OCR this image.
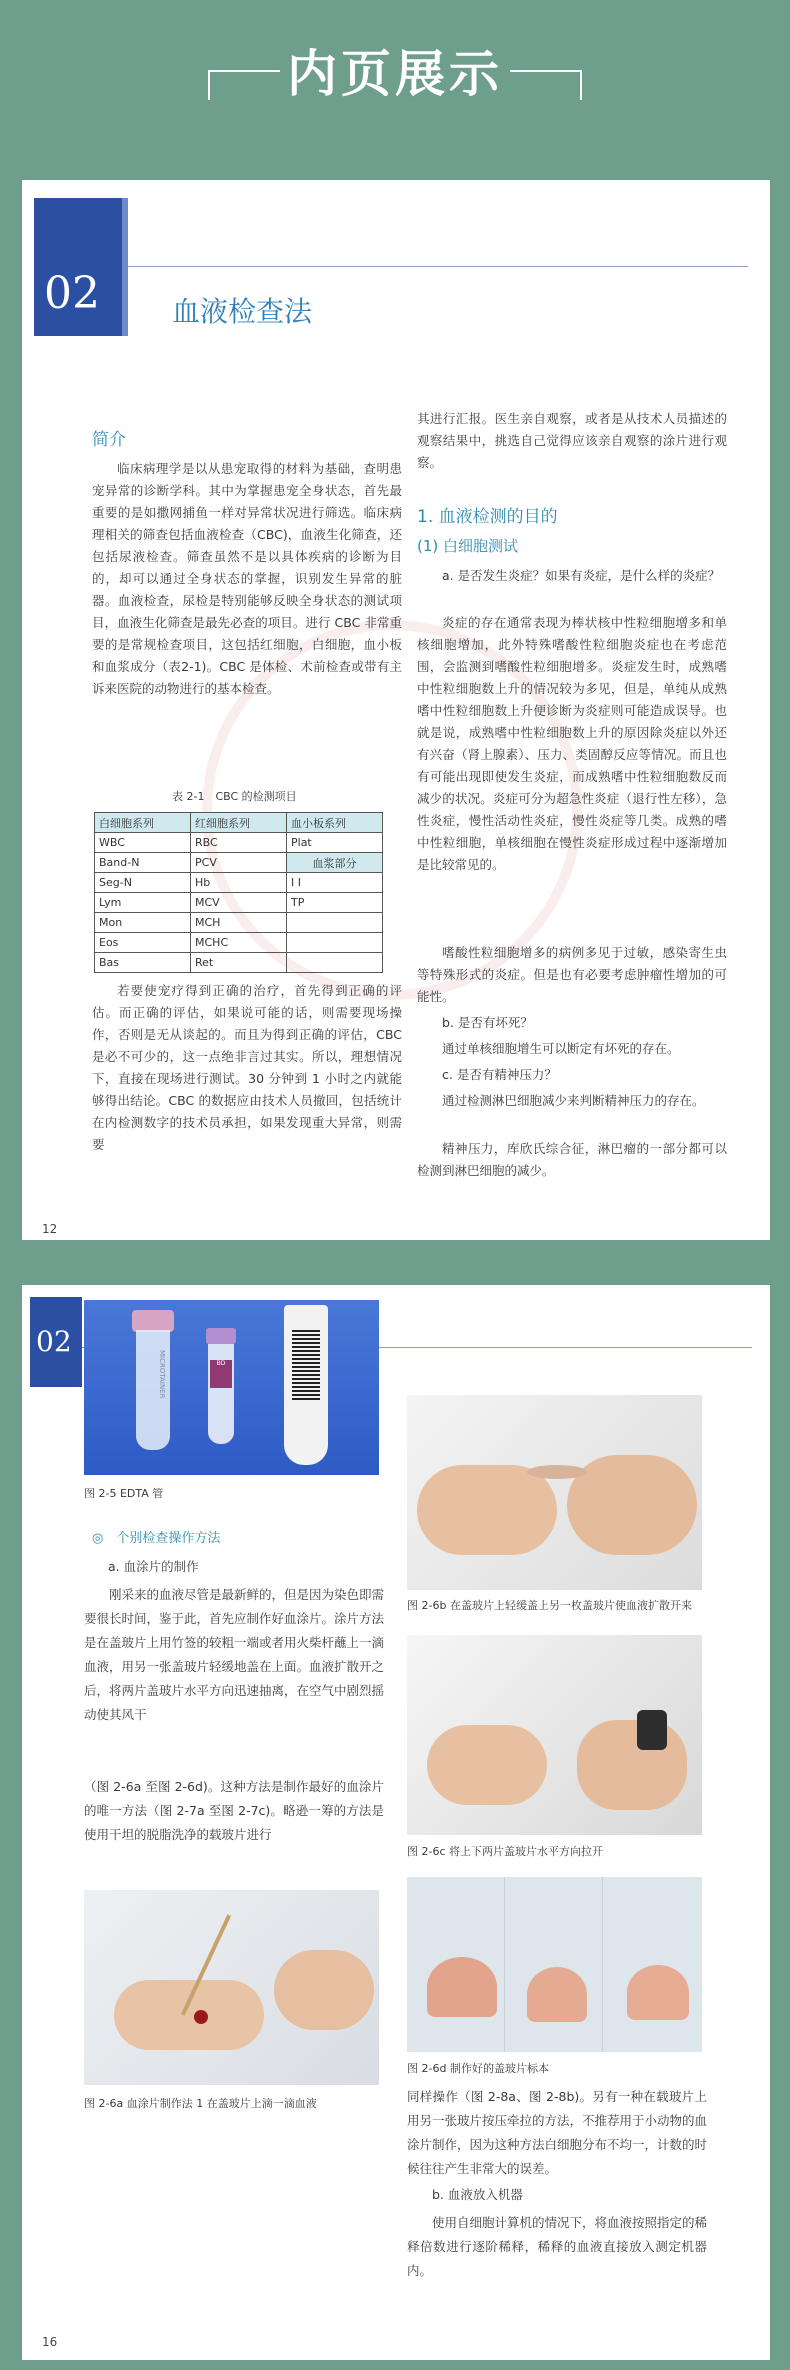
内页展示
02	血液检查法
简介
临床病理学是以从患宠取得的材料为基础，查明患宠异常的诊断学科。其中为掌握患宠全身状态，首先最重要的是如撒网捕鱼一样对异常状况进行筛选。临床病理相关的筛查包括血液检查（CBC)，血液生化筛查，还包括尿液检查。筛查虽然不是以具体疾病的诊断为目的，却可以通过全身状态的掌握，识别发生异常的脏器。血液检查，尿检是特别能够反映全身状态的测试项目，血液生化筛查是最先必查的项目。进行 CBC 非常重要的是常规检查项目，这包括红细胞，白细胞，血小板和血浆成分（表2-1)。CBC 是体检、术前检查或带有主诉来医院的动物进行的基本检查。
表 2-1　CBC 的检测项目
白细胞系列	红细胞系列	血小板系列
WBC	RBC	Plat
Band-N	PCV	血浆部分
Seg-N	Hb	I I
Lym	MCV	TP
Mon	MCH	
Eos	MCHC	
Bas	Ret	
若要使宠疗得到正确的治疗，首先得到正确的评估。而正确的评估，如果说可能的话，则需要现场操作，否则是无从谈起的。而且为得到正确的评估，CBC 是必不可少的，这一点绝非言过其实。所以，理想情况下，直接在现场进行测试。30 分钟到 1 小时之内就能够得出结论。CBC 的数据应由技术人员撤回，包括统计在内检测数字的技术员承担，如果发现重大异常，则需要
其进行汇报。医生亲自观察，或者是从技术人员描述的观察结果中，挑选自己觉得应该亲自观察的涂片进行观察。
1. 血液检测的目的
(1) 白细胞测试
a. 是否发生炎症？如果有炎症，是什么样的炎症？
炎症的存在通常表现为棒状核中性粒细胞增多和单核细胞增加，此外特殊嗜酸性粒细胞炎症也在考虑范围，会监测到嗜酸性粒细胞增多。炎症发生时，成熟嗜中性粒细胞数上升的情况较为多见，但是，单纯从成熟嗜中性粒细胞数上升便诊断为炎症则可能造成误导。也就是说，成熟嗜中性粒细胞数上升的原因除炎症以外还有兴奋（肾上腺素）、压力、类固醇反应等情况。而且也有可能出现即使发生炎症，而成熟嗜中性粒细胞数反而减少的状况。炎症可分为超急性炎症（退行性左移），急性炎症，慢性活动性炎症，慢性炎症等几类。成熟的嗜中性粒细胞，单核细胞在慢性炎症形成过程中逐渐增加是比较常见的。
嗜酸性粒细胞增多的病例多见于过敏，感染寄生虫等特殊形式的炎症。但是也有必要考虑肿瘤性增加的可能性。
b. 是否有坏死？
通过单核细胞增生可以断定有坏死的存在。
c. 是否有精神压力？
通过检测淋巴细胞减少来判断精神压力的存在。
精神压力，库欣氏综合征，淋巴瘤的一部分都可以检测到淋巴细胞的减少。
12
02
MICROTAINER	BD
图 2-5 EDTA 管
◎　个别检查操作方法
a. 血涂片的制作
刚采来的血液尽管是最新鲜的，但是因为染色即需要很长时间，鉴于此，首先应制作好血涂片。涂片方法是在盖玻片上用竹签的较粗一端或者用火柴杆蘸上一滴血液，用另一张盖玻片轻缓地盖在上面。血液扩散开之后，将两片盖玻片水平方向迅速抽离，在空气中剧烈摇动使其风干
（图 2-6a 至图 2-6d)。这种方法是制作最好的血涂片的唯一方法（图 2-7a 至图 2-7c)。略逊一筹的方法是使用干坦的脱脂洗净的载玻片进行
图 2-6a 血涂片制作法 1 在盖玻片上滴一滴血液
图 2-6b 在盖玻片上轻缓盖上另一枚盖玻片使血液扩散开来
图 2-6c 将上下两片盖玻片水平方向拉开
图 2-6d 制作好的盖玻片标本
同样操作（图 2-8a、图 2-8b)。另有一种在载玻片上用另一张玻片按压牵拉的方法，不推荐用于小动物的血涂片制作，因为这种方法白细胞分布不均一，计数的时候往往产生非常大的误差。
b. 血液放入机器
使用自细胞计算机的情况下，将血液按照指定的稀释倍数进行逐阶稀释，稀释的血液直接放入测定机器内。
16
